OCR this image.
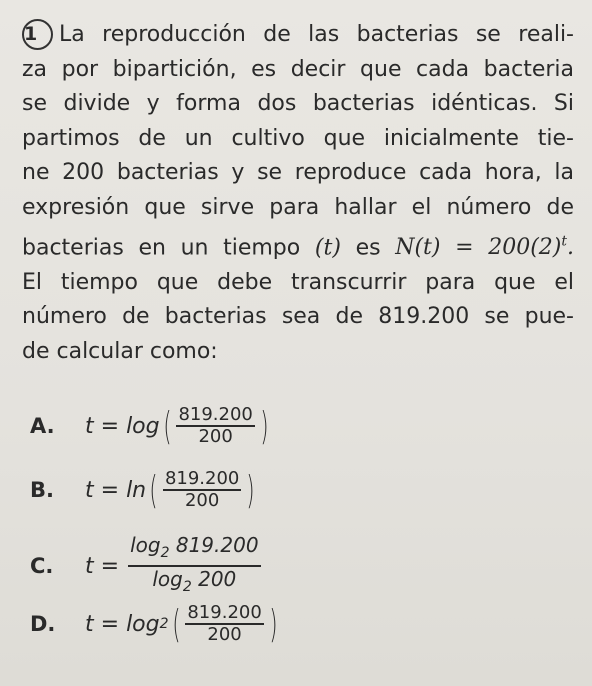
1 La reproducción de las bacterias se reali-
za por bipartición, es decir que cada bacteria
se divide y forma dos bacterias idénticas. Si
partimos de un cultivo que inicialmente tie-
ne 200 bacterias y se reproduce cada hora, la
expresión que sirve para hallar el número de
bacterias en un tiempo (t) es $N(t) = 200(2)^t$.
El tiempo que debe transcurrir para que el
número de bacterias sea de 819.200 se pue-
de calcular como:
A.	t =
log ( $\frac{819.200}{200}$ )
B.	t =
ln ( $\frac{819.200}{200}$ )
C.	t =
$\frac{\log_2 819.200}{\log_2 200}$
D.	t =
log 2 ( $\frac{819.200}{200}$ )
